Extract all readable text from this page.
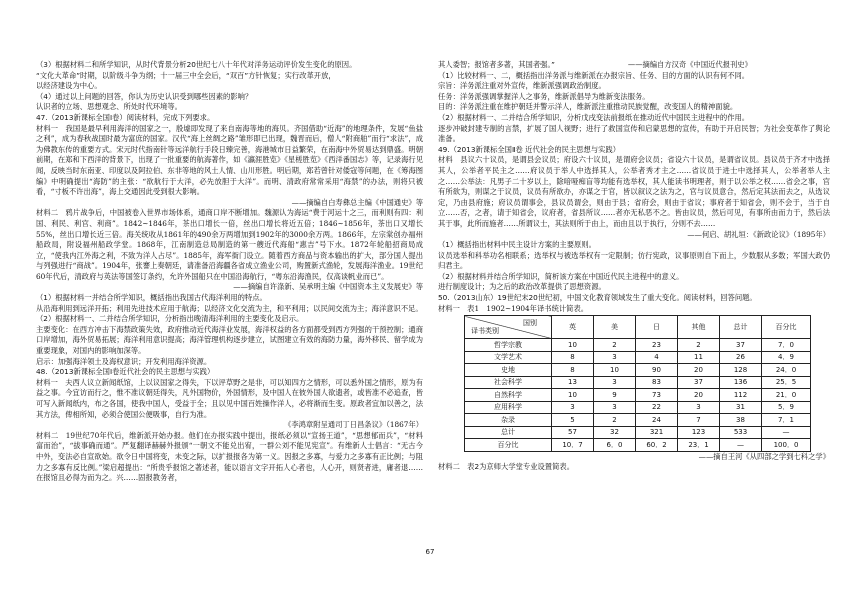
（3）根据材料二和所学知识，从时代背景分析20世纪七八十年代对洋务运动评价发生变化的原因。

“文化大革命”时期，以阶级斗争为纲；十一届三中全会后，“双百”方针恢复；实行改革开放，

以经济建设为中心。

（4）通过以上问题的回答，你认为历史认识受到哪些因素的影响？

认识者的立场、思想观念、所处时代环境等。

47.（2013新课标全国Ⅰ卷）阅读材料，完成下列要求。

材料一　我国是最早利用海洋的国家之一，殷墟即发现了来自南海等地的海贝。齐国借助“近海”的地理条件，发展“鱼盐之利”，成为春秋战国时最为富庶的国家。汉代“海上丝绸之路”雏形即已出现，魏晋而后，僧人“附商舶”而行“求法”，成为佛教东传的重要方式。宋元时代指南针等远洋航行手段日臻完善，海港城市日益繁荣，在南海中外贸易达到鼎盛。明朝前期，在郑和下西洋的背景下，出现了一批重要的航海著作，如《瀛涯胜览》《星槎胜览》《西洋番国志》等，记录海行见闻，反映当时东南亚、印度以及阿拉伯、东非等地的风土人情、山川形胜。明后期，郑若曾针对倭寇等问题，在《筹海图编》中明确提出“海防”的主张：“欲航行于大洋，必先放胆于大洋”。而明、清政府常常采用“海禁”的办法，则将只被看，“寸板不许出海”，海上交通因此受到很大影响。

——摘编自白寿彝总主编《中国通史》等

材料二　鸦片战争后，中国被卷入世界市场体系，通商口岸不断增加。魏源认为海运“费于河运十之三，而利则有四：利国、利民、利官、利商”。1842~1846年，茶出口增长一倍，丝出口增长将近五倍；1846~1856年，茶出口又增长55%，丝出口增长近三倍。海关统收从1861年的490余万两增加到1902年的3000余万两。1866年，左宗棠创办福州船政局，附设福州船政学堂。1868年，江南制造总局制造的第一艘近代海船“惠吉”号下水。1872年轮船招商局成立，“使我内江外海之利，不致为洋人占尽”。1885年，海军衙门设立。随着西方商品与资本输出的扩大，部分国人提出与列强进行“商战”。1904年，张謇上奏朝廷，请准备沿海疆各省成立渔业公司，购置新式渔轮，发展海洋渔业。19世纪60年代后，清政府与英法等国签订条约，允许外国船只在中国沿海航行，“粤东沿海渔民，仅高谈帆业而已”。

——摘编自许涤新、吴承明主编《中国资本主义发展史》等

（1）根据材料一并结合所学知识，概括指出我国古代海洋利用的特点。

从沿海利用到远洋开拓；利用先进技术应用于航海；以经济文化交流为主，和平利用；以民间交流为主；海洋意识不足。

（2）根据材料一、二并结合所学知识，分析指出晚清海洋利用的主要变化及启示。

主要变化：在西方冲击下海禁政策失效，政府推动近代海洋业发展，海洋权益的各方面都受到西方列强的干预控制；通商口岸增加，海外贸易拓展；海洋利用意识提高；海洋管理机构逐步建立，试图建立有效的海防力量，海外移民、留学成为重要现象，对国内的影响加深等。

启示：加强海洋领土及海权意识；开发利用海洋资源。

48.（2013新课标全国Ⅰ卷近代社会的民主思想与实践）

材料一　夫西人议立新闻纸馆，上以议国家之得失，下以评草野之是非，可以知四方之情形，可以悉外国之情形，原为有益之事。今宜访而行之，惟不准议朝廷得失，凡外国物价，外国情形，及中国人在彼外国人欲遗者，或皆准不必追查，皆可写入新闻纸内，布之各国，使我中国人，受益于全；且以见中国百姓操作洋人，必将渐而生变。原政者宜加以善之，法其方法，俾相所知，必须合使国公便吸事，自行为准。

《李鸿章附呈通司丁日昌条议》（1867年）

材料二　19世纪70年代后，维新派开始办报。他们在办报实践中提出，报纸必须以“宣扬王道”，“思想郁而兵”，“材料富而治”，“拔事确而通”。严复翻译赫赫外报颁“一朝文不能兑出宥，一群公刘不能见宪宣”。有维新人士倡言：“无古今中外，变法必自宣欲始。欲令日中国将变，未变之际，以扩报报各为第一义。因报之多寡，与爱力之多寡有正比例；与阻力之多寡有反比例。”梁启超提出：“所贵乎报馆之著述者，能以语言文字开拓人心者也，人心开，则贤者进，庸者退……在报馆且必得为而为之。兴……固报教务者，

其人委智；报馆者多著，其国者强。”　　　　　　　　　　——摘编自方汉奇《中国近代报刊史》

（1）比较材料一、二，概括指出洋务派与维新派在办报宗旨、任务、目的方面的认识有何不同。

宗旨：洋务派注重对外宣传，维新派强调政治制度。

任务：洋务派强调掌握洋人之事务，维新派倡导为维新变法服务。

目的：洋务派注重在维护朝廷并警示洋人，维新派注重推动民族觉醒，改变国人的精神面貌。

（2）根据材料一、二并结合所学知识，分析戊戌变法前报纸在推动近代中国民主进程中的作用。

逐步冲破封建专制的言禁，扩展了国人视野；进行了救国宣传和启蒙思想的宣传，有助于开启民智；为社会变革作了舆论准备。

49.（2013新课标全国Ⅱ卷 近代社会的民主思想与实践）

材料　县议六十议员，是谓县会议员；府设六十议员，是谓府会议员；省设六十议员，是谓省议员。县议员于齐才中选择其人，公举者平民主之……府议员于举人中选择其人，公举者秀才主之……省议员于进士中选择其人，公举者举人主之……公举法：凡男子二十岁以上，除喑哑痴盲等均能有选举权，其人能读书明理者，则于以公举之权……省会之事，官有所欲为，则谋之于议员，议员有所欲办，亦谋之于官，皆以叙议之法为之，官与议员意合，然后定其法而去之，从选议定，乃由县府施；府议员谓事会，县议员谓会，则由于县；省府会，则由于省议；事府者于知省会，则不会于，当于自立……否，之者，请于知省会，议府者，省县所议……者亦无私恶不之。皆由议员，然后可见，有事所由而力于，然后法其于事，此所而施者……所谓议士，其法则所于由上，而由且以于执行，分则不去……

——何启、胡礼垣：《新政论议》（1895年）

（1）概括指出材料中民主设计方案的主要原则。

议员选举和科举功名相联系；选举权与被选举权有一定限制；仿行宪政，议事原则自下而上，少数服从多数；军国大政仍归君主。

（2）根据材料并结合所学知识，简析该方案在中国近代民主进程中的意义。

进行制度设计；为之后的政治改革提供了思想资源。

50.（2013山东）19世纪末20世纪初，中国文化教育领域发生了重大变化。阅读材料，回答问题。

材料一　表1　1902~1904年译书统计简表。

国别
译书类别	英	美	日	其他	总计	百分比
哲学宗教	10	2	23	2	37	7．0
文学艺术	8	3	4	11	26	4．9
史地	8	10	90	20	128	24．0
社会科学	13	3	83	37	136	25．5
自然科学	10	9	73	20	112	21．0
应用科学	3	3	22	3	31	5．9
杂录	5	2	24	7	38	7．1
总计	57	32	321	123	533	—
百分比	10．7	6．0	60．2	23．1	—	100．0

——摘自王河《从四部之学到七科之学》

材料二　表2为京师大学堂专业设置简表。

67
